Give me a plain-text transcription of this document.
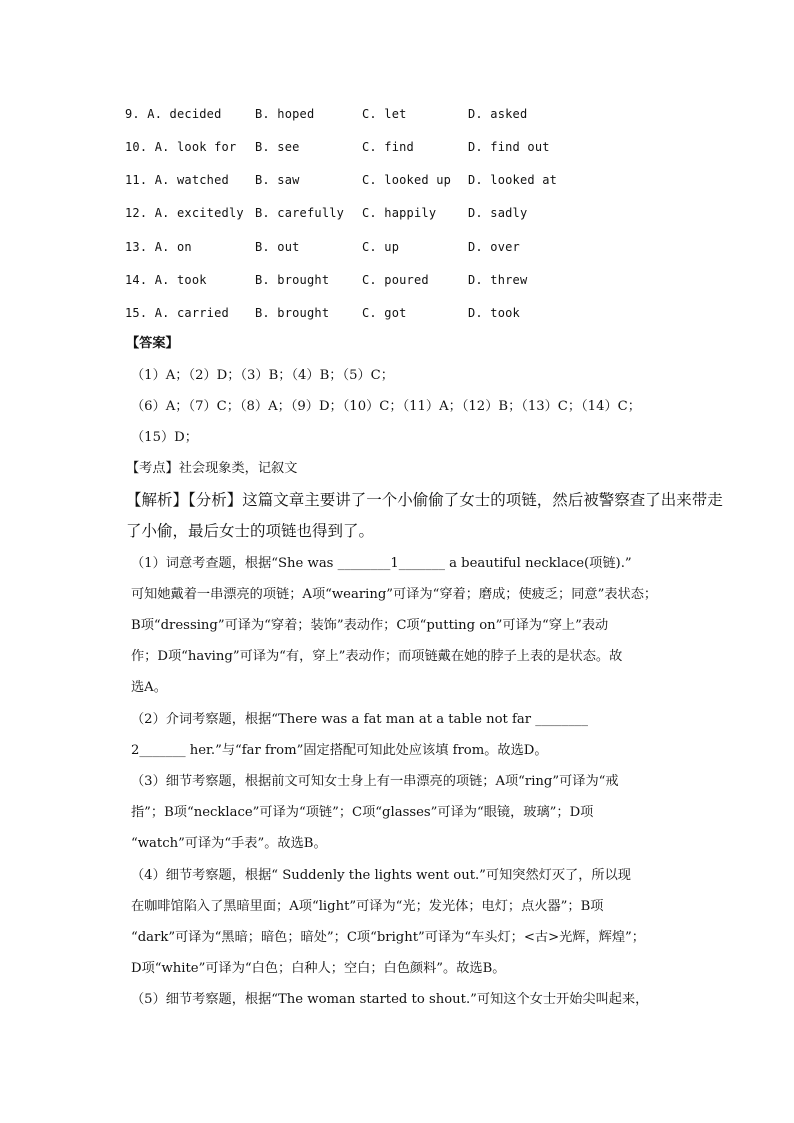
9. A. decided	B. hoped	C. let	D. asked
10. A. look for B. see	C. find	D. find out
11. A. watched B. saw	C. looked up D. looked at
12. A. excitedly B. carefully C. happily	D. sadly
13. A. on	B. out	C. up	D. over
14. A. took	B. brought	C. poured	D. threw
15. A. carried B. brought	C. got	D. took
【答案】
（1）A；（2）D；（3）B；（4）B；（5）C；
（6）A；（7）C；（8）A；（9）D；（10）C；（11）A；（12）B；（13）C；（14）C；
（15）D；
【考点】社会现象类，记叙文
【解析】【分析】这篇文章主要讲了一个小偷偷了女士的项链，然后被警察查了出来带走
了小偷，最后女士的项链也得到了。
（1）词意考查题，根据“She was ________1_______ a beautiful necklace(项链).”
可知她戴着一串漂亮的项链；A项“wearing”可译为“穿着；磨成；使疲乏；同意”表状态；
B项“dressing”可译为“穿着；装饰”表动作；C项“putting on”可译为“穿上”表动
作；D项“having”可译为“有，穿上”表动作；而项链戴在她的脖子上表的是状态。故
选A。
（2）介词考察题，根据“There was a fat man at a table not far ________
2_______ her.”与“far from”固定搭配可知此处应该填 from。故选D。
（3）细节考察题，根据前文可知女士身上有一串漂亮的项链；A项“ring”可译为“戒
指”；B项“necklace”可译为“项链”；C项“glasses”可译为“眼镜，玻璃”；D项
“watch”可译为“手表”。故选B。
（4）细节考察题，根据“ Suddenly the lights went out.”可知突然灯灭了，所以现
在咖啡馆陷入了黑暗里面；A项“light”可译为“光；发光体；电灯；点火器”；B项
“dark”可译为“黑暗；暗色；暗处”；C项“bright”可译为“车头灯；<古>光辉，辉煌”；
D项“white”可译为“白色；白种人；空白；白色颜料”。故选B。
（5）细节考察题，根据“The woman started to shout.”可知这个女士开始尖叫起来，
